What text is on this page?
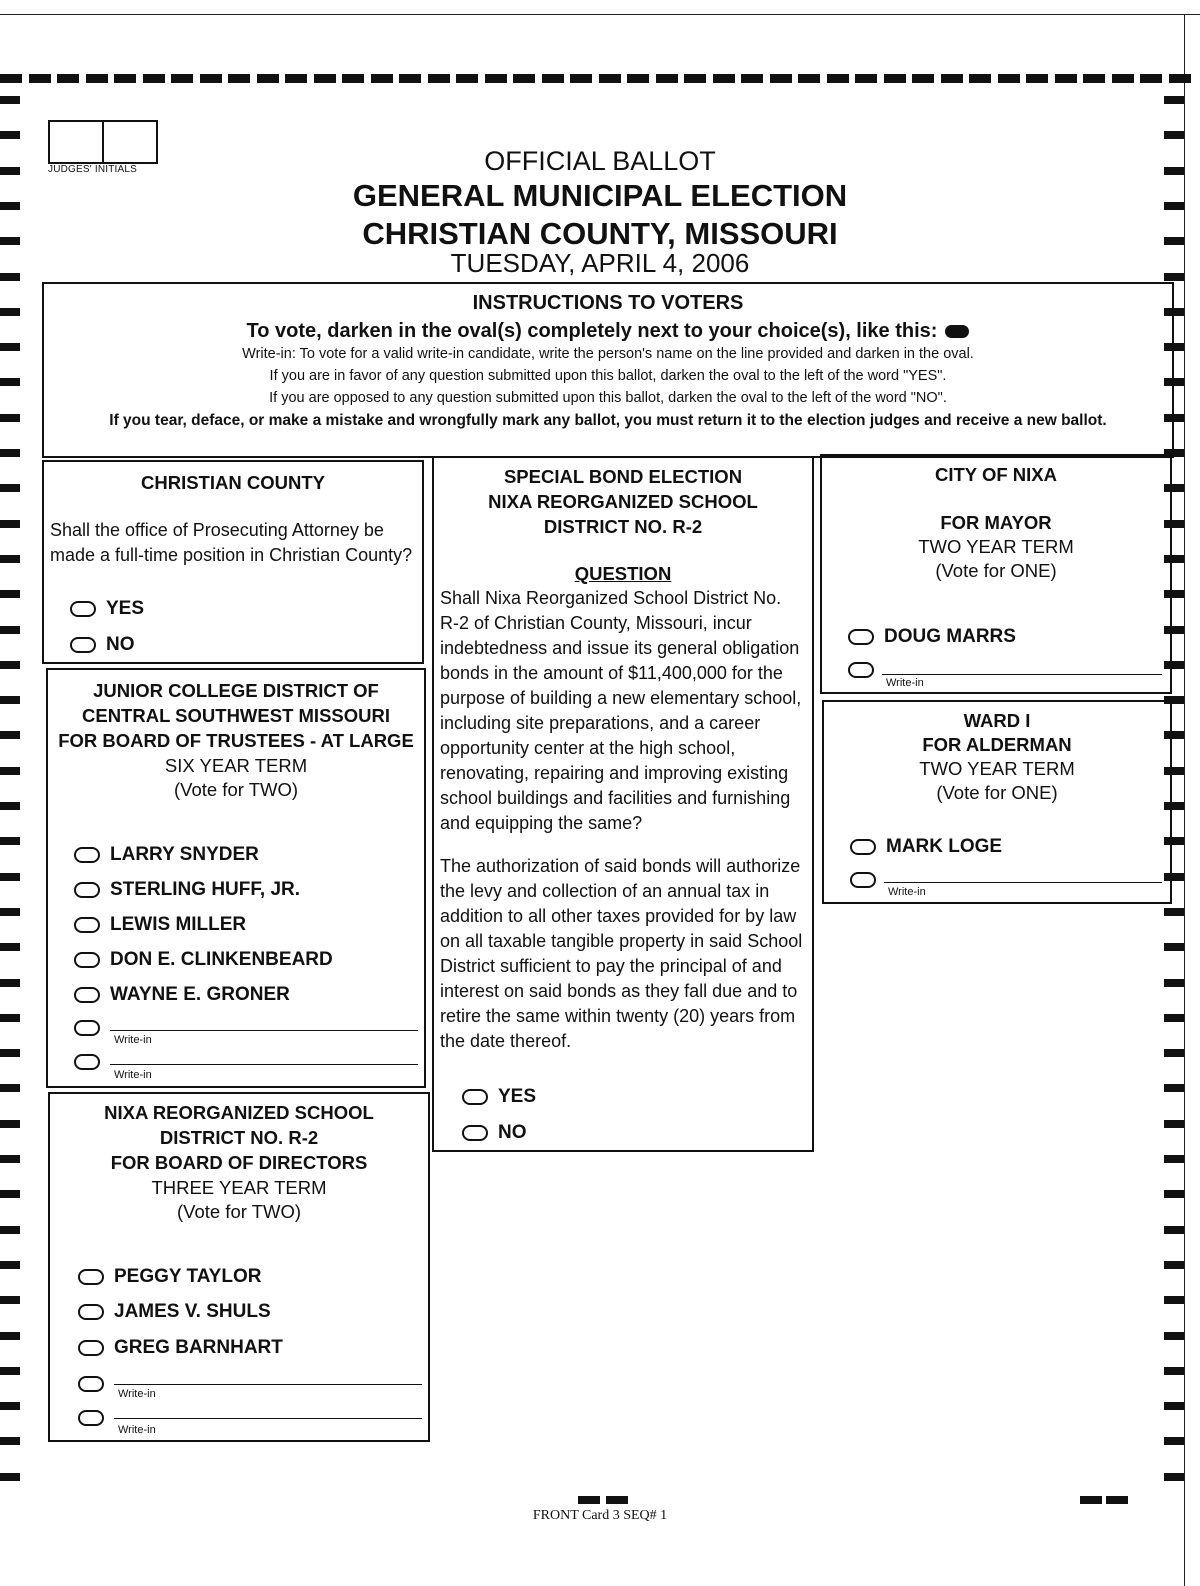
JUDGES' INITIALS	OFFICIAL BALLOT
GENERAL MUNICIPAL ELECTION
CHRISTIAN COUNTY, MISSOURI
TUESDAY, APRIL 4, 2006
INSTRUCTIONS TO VOTERS
To vote, darken in the oval(s) completely next to your choice(s), like this:
Write-in: To vote for a valid write-in candidate, write the person's name on the line provided and darken in the oval.
If you are in favor of any question submitted upon this ballot, darken the oval to the left of the word "YES".
If you are opposed to any question submitted upon this ballot, darken the oval to the left of the word "NO".
If you tear, deface, or make a mistake and wrongfully mark any ballot, you must return it to the election judges and receive a new ballot.
CHRISTIAN COUNTY
Shall the office of Prosecuting Attorney be
made a full-time position in Christian County?
YES
NO
JUNIOR COLLEGE DISTRICT OF
CENTRAL SOUTHWEST MISSOURI
FOR BOARD OF TRUSTEES - AT LARGE
SIX YEAR TERM
(Vote for TWO)
LARRY SNYDER
STERLING HUFF, JR.
LEWIS MILLER
DON E. CLINKENBEARD
WAYNE E. GRONER
Write-in
Write-in
NIXA REORGANIZED SCHOOL
DISTRICT NO. R-2
FOR BOARD OF DIRECTORS
THREE YEAR TERM
(Vote for TWO)
PEGGY TAYLOR
JAMES V. SHULS
GREG BARNHART
Write-in
Write-in
SPECIAL BOND ELECTION
NIXA REORGANIZED SCHOOL
DISTRICT NO. R-2
QUESTION
Shall Nixa Reorganized School District No.
R-2 of Christian County, Missouri, incur
indebtedness and issue its general obligation
bonds in the amount of $11,400,000 for the
purpose of building a new elementary school,
including site preparations, and a career
opportunity center at the high school,
renovating, repairing and improving existing
school buildings and facilities and furnishing
and equipping the same?
The authorization of said bonds will authorize
the levy and collection of an annual tax in
addition to all other taxes provided for by law
on all taxable tangible property in said School
District sufficient to pay the principal of and
interest on said bonds as they fall due and to
retire the same within twenty (20) years from
the date thereof.
YES
NO
CITY OF NIXA
FOR MAYOR
TWO YEAR TERM
(Vote for ONE)
DOUG MARRS
Write-in
WARD I
FOR ALDERMAN
TWO YEAR TERM
(Vote for ONE)
MARK LOGE
Write-in
FRONT Card 3 SEQ# 1
